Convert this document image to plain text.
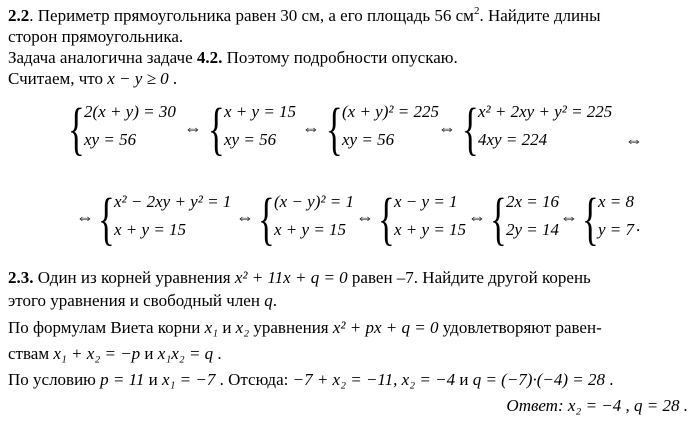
2.2. Периметр прямоугольника равен 30 см, а его площадь 56 $см^2$. Найдите длины
сторон прямоугольника.
Задача аналогична задаче 4.2. Поэтому подробности опускаю.
Считаем, что x − y ≥ 0 .
{ 2(x + y) = 30
xy = 56
⇔ { x + y = 15
xy = 56
⇔ { (x + y)² = 225
xy = 56
⇔ { x² + 2xy + y² = 225
4xy = 224	⇔
⇔ { x² − 2xy + y² = 1
x + y = 15
⇔ { (x − y)² = 1
x + y = 15
⇔ { x − y = 1
x + y = 15
⇔ { 2x = 16
2y = 14
⇔ { x = 8
y = 7 .
2.3. Один из корней уравнения x² + 11x + q = 0 равен –7. Найдите другой корень
этого уравнения и свободный член q.
По формулам Виета корни x₁ и x₂ уравнения x² + px + q = 0 удовлетворяют равен-
ствам x₁ + x₂ = −p и x₁x₂ = q .
По условию p = 11 и x₁ = −7 . Отсюда: −7 + x₂ = −11, x₂ = −4 и q = (−7)·(−4) = 28 .
Ответ: x₂ = −4 , q = 28 .
